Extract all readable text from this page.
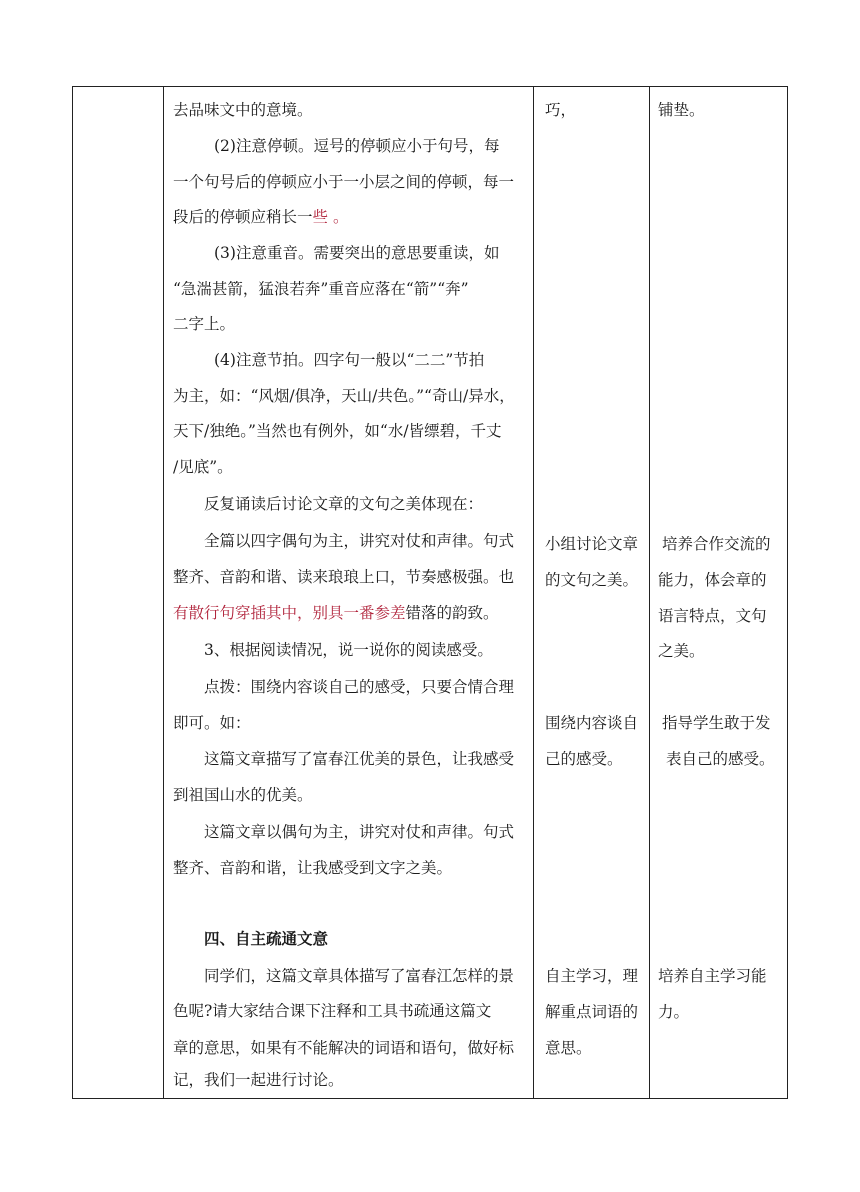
去品味文中的意境。
(2)注意停顿。逗号的停顿应小于句号，每
一个句号后的停顿应小于一小层之间的停顿，每一
段后的停顿应稍长一些 。
(3)注意重音。需要突出的意思要重读，如
“急湍甚箭，猛浪若奔”重音应落在“箭”“奔”
二字上。
(4)注意节拍。四字句一般以“二二”节拍
为主，如：“风烟/俱净，天山/共色。”“奇山/异水，
天下/独绝。”当然也有例外，如“水/皆缥碧，千丈
/见底”。
反复诵读后讨论文章的文句之美体现在：
全篇以四字偶句为主，讲究对仗和声律。句式
整齐、音韵和谐、读来琅琅上口，节奏感极强。也
有散行句穿插其中，别具一番参差错落的韵致。
3、根据阅读情况，说一说你的阅读感受。
点拨：围绕内容谈自己的感受，只要合情合理
即可。如：
这篇文章描写了富春江优美的景色，让我感受
到祖国山水的优美。
这篇文章以偶句为主，讲究对仗和声律。句式
整齐、音韵和谐，让我感受到文字之美。
四、自主疏通文意
同学们，这篇文章具体描写了富春江怎样的景
色呢?请大家结合课下注释和工具书疏通这篇文
章的意思，如果有不能解决的词语和语句，做好标
记，我们一起进行讨论。
巧，
小组讨论文章
的文句之美。
围绕内容谈自
己的感受。
自主学习，理
解重点词语的
意思。
铺垫。
培养合作交流的
能力，体会章的
语言特点，文句
之美。
指导学生敢于发
表自己的感受。
培养自主学习能
力。
